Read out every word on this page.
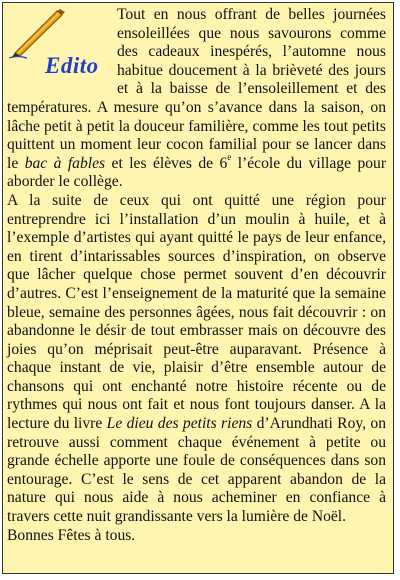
Edito

Tout en nous offrant de belles journées ensoleillées que nous savourons comme des cadeaux inespérés, l’automne nous habitue doucement à la brièveté des jours et à la baisse de l’ensoleillement et des températures. A mesure qu’on s’avance dans la saison, on lâche petit à petit la douceur familière, comme les tout petits quittent un moment leur cocon familial pour se lancer dans le bac à fables et les élèves de 6e l’école du village pour aborder le collège.

A la suite de ceux qui ont quitté une région pour entreprendre ici l’installation d’un moulin à huile, et à l’exemple d’artistes qui ayant quitté le pays de leur enfance, en tirent d’intarissables sources d’inspiration, on observe que lâcher quelque chose permet souvent d’en découvrir d’autres. C’est l’enseignement de la maturité que la semaine bleue, semaine des personnes âgées, nous fait découvrir : on abandonne le désir de tout embrasser mais on découvre des joies qu’on méprisait peut-être auparavant. Présence à chaque instant de vie, plaisir d’être ensemble autour de chansons qui ont enchanté notre histoire récente ou de rythmes qui nous ont fait et nous font toujours danser. A la lecture du livre Le dieu des petits riens d’Arundhati Roy, on retrouve aussi comment chaque événement à petite ou grande échelle apporte une foule de conséquences dans son entourage. C’est le sens de cet apparent abandon de la nature qui nous aide à nous acheminer en confiance à travers cette nuit grandissante vers la lumière de Noël.

Bonnes Fêtes à tous.
